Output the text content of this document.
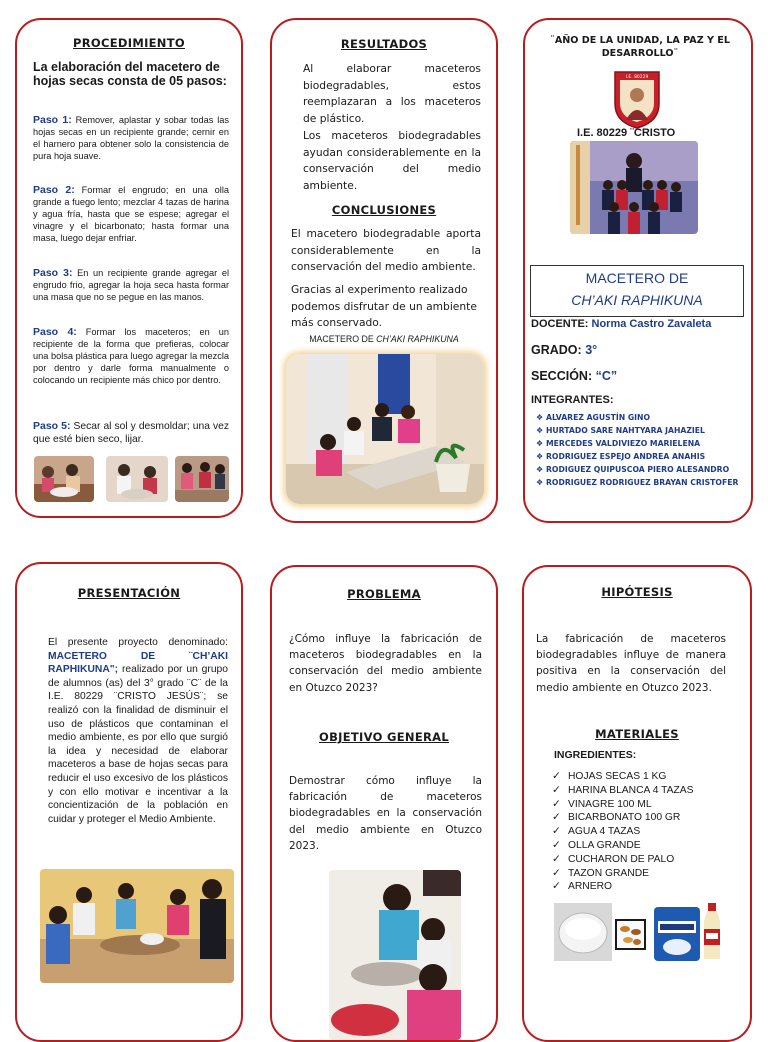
PROCEDIMIENTO

La elaboración del macetero de hojas secas consta de 05 pasos:

Paso 1: Remover, aplastar y sobar todas las hojas secas en un recipiente grande; cernir en el harnero para obtener solo la consistencia de pura hoja suave.

Paso 2: Formar el engrudo; en una olla grande a fuego lento; mezclar 4 tazas de harina y agua fría, hasta que se espese; agregar el vinagre y el bicarbonato; hasta formar una masa, luego dejar enfriar.

Paso 3: En un recipiente grande agregar el engrudo frio, agregar la hoja seca hasta formar una masa que no se pegue en las manos.

Paso 4: Formar los maceteros; en un recipiente de la forma que prefieras, colocar una bolsa plástica para luego agregar la mezcla por dentro y darle forma manualmente o colocando un recipiente más chico por dentro.

Paso 5: Secar al sol y desmoldar; una vez que esté bien seco, lijar.

RESULTADOS

Al elaborar maceteros biodegradables, estos reemplazaran a los maceteros de plástico.

Los maceteros biodegradables ayudan considerablemente en la conservación del medio ambiente.

CONCLUSIONES

El macetero biodegradable aporta considerablemente en la conservación del medio ambiente.

Gracias al experimento realizado podemos disfrutar de un ambiente más conservado.

MACETERO DE CH’AKI RAPHIKUNA

¨AÑO DE LA UNIDAD, LA PAZ Y EL DESARROLLO¨

I.E. 80229

I.E. 80229 ¨CRISTO

MACETERO DE
CH’AKI RAPHIKUNA

DOCENTE: Norma Castro Zavaleta

GRADO: 3°

SECCIÓN: “C”

INTEGRANTES:

❖ ALVAREZ AGUSTÍN GINO
❖ HURTADO SARE NAHTYARA JAHAZIEL
❖ MERCEDES VALDIVIEZO MARIELENA
❖ RODRIGUEZ ESPEJO ANDREA ANAHIS
❖ RODIGUEZ QUIPUSCOA PIERO ALESANDRO
❖ RODRIGUEZ RODRIGUEZ BRAYAN CRISTOFER
PRESENTACIÓN

El presente proyecto denominado: MACETERO DE ¨CH’AKI RAPHIKUNA"; realizado por un grupo de alumnos (as) del 3° grado ¨C¨ de la I.E. 80229 ¨CRISTO JESÚS¨; se realizó con la finalidad de disminuir el uso de plásticos que contaminan el medio ambiente, es por ello que surgió la idea y necesidad de elaborar maceteros a base de hojas secas para reducir el uso excesivo de los plásticos y con ello motivar e incentivar a la concientización de la población en cuidar y proteger el Medio Ambiente.

PROBLEMA

¿Cómo influye la fabricación de maceteros biodegradables en la conservación del medio ambiente en Otuzco 2023?

OBJETIVO GENERAL

Demostrar cómo influye la fabricación de maceteros biodegradables en la conservación del medio ambiente en Otuzco 2023.

HIPÓTESIS

La fabricación de maceteros biodegradables influye de manera positiva en la conservación del medio ambiente en Otuzco 2023.

MATERIALES

INGREDIENTES:

✓ HOJAS SECAS 1 KG
✓ HARINA BLANCA 4 TAZAS
✓ VINAGRE 100 ML
✓ BICARBONATO 100 GR
✓ AGUA 4 TAZAS
✓ OLLA GRANDE
✓ CUCHARON DE PALO
✓ TAZON GRANDE
✓ ARNERO
